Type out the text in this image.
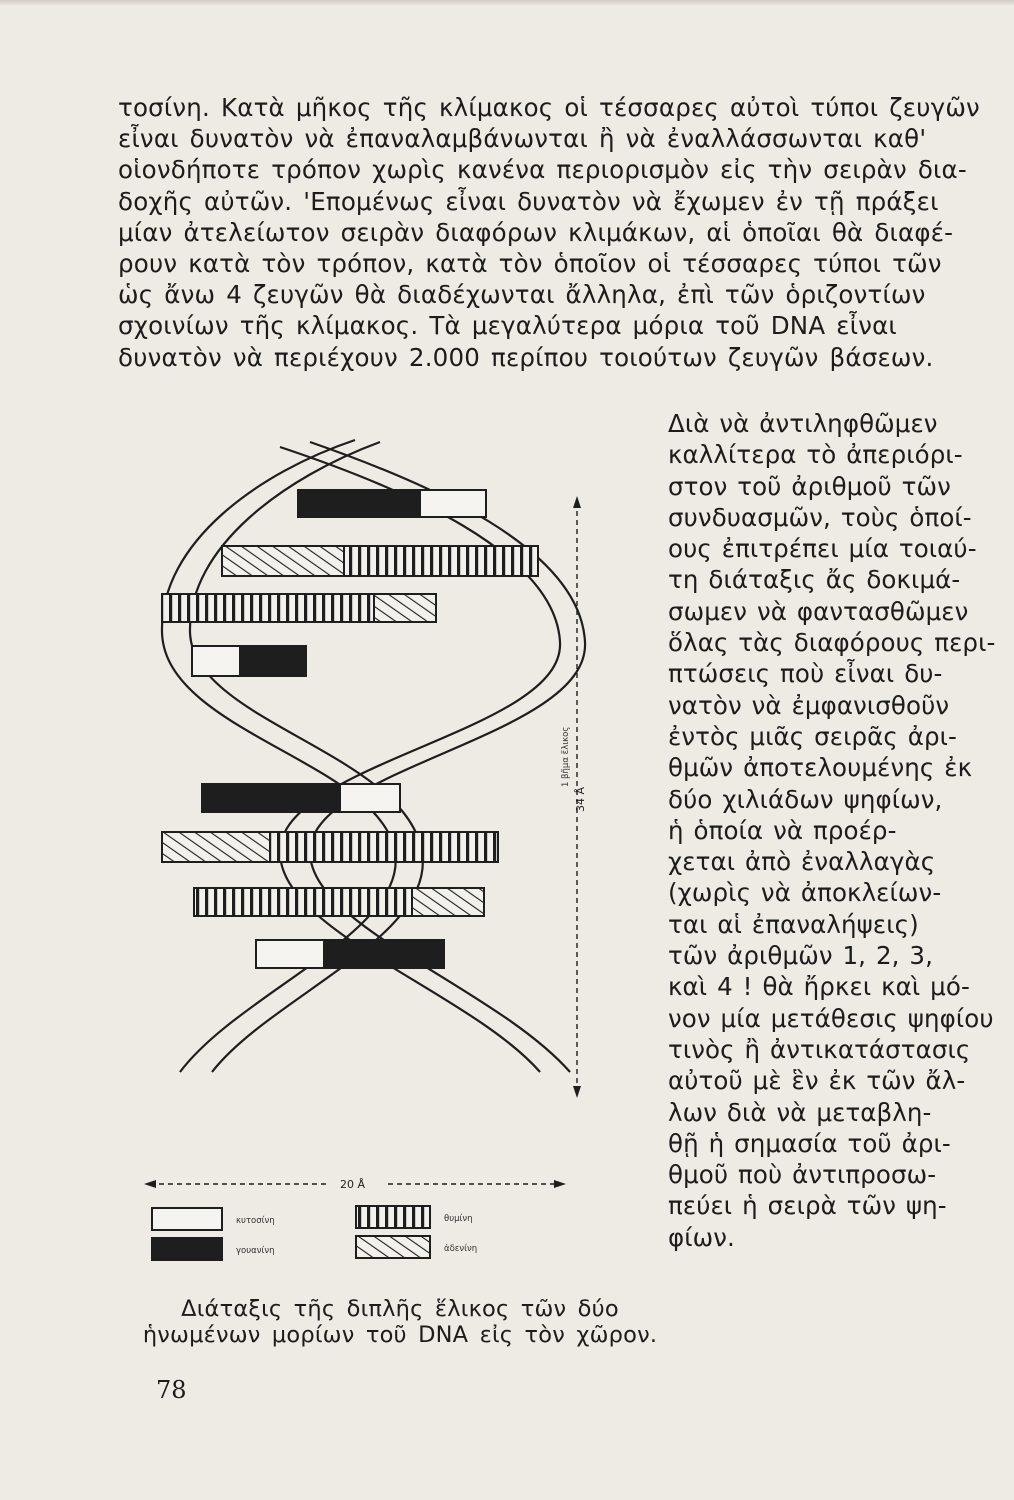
τοσίνη. Κατὰ μῆκος τῆς κλίμακος οἱ τέσσαρες αὐτοὶ τύποι ζευγῶν
εἶναι δυνατὸν νὰ ἐπαναλαμβάνωνται ἢ νὰ ἐναλλάσσωνται καθ'
οἱονδήποτε τρόπον χωρὶς κανένα περιορισμὸν εἰς τὴν σειρὰν δια-
δοχῆς αὐτῶν. 'Επομένως εἶναι δυνατὸν νὰ ἔχωμεν ἐν τῇ πράξει
μίαν ἀτελείωτον σειρὰν διαφόρων κλιμάκων, αἱ ὁποῖαι θὰ διαφέ-
ρουν κατὰ τὸν τρόπον, κατὰ τὸν ὁποῖον οἱ τέσσαρες τύποι τῶν
ὡς ἄνω 4 ζευγῶν θὰ διαδέχωνται ἄλληλα, ἐπὶ τῶν ὁριζοντίων
σχοινίων τῆς κλίμακος. Τὰ μεγαλύτερα μόρια τοῦ DNA εἶναι
δυνατὸν νὰ περιέχουν 2.000 περίπου τοιούτων ζευγῶν βάσεων.
Διὰ νὰ ἀντιληφθῶμεν
καλλίτερα τὸ ἀπεριόρι-
στον τοῦ ἀριθμοῦ τῶν
συνδυασμῶν, τοὺς ὁποί-
ους ἐπιτρέπει μία τοιαύ-
τη διάταξις ἄς δοκιμά-
σωμεν νὰ φαντασθῶμεν
ὅλας τὰς διαφόρους περι-
πτώσεις ποὺ εἶναι δυ-
νατὸν νὰ ἐμφανισθοῦν
ἐντὸς μιᾶς σειρᾶς ἀρι-
θμῶν ἀποτελουμένης ἐκ
δύο χιλιάδων ψηφίων,
ἡ ὁποία νὰ προέρ-
χεται ἀπὸ ἐναλλαγὰς
(χωρὶς νὰ ἀποκλείων-
ται αἱ ἐπαναλήψεις)
τῶν ἀριθμῶν 1, 2, 3,
καὶ 4 ! θὰ ἤρκει καὶ μό-
νον μία μετάθεσις ψηφίου
τινὸς ἢ ἀντικατάστασις
αὐτοῦ μὲ ἓν ἐκ τῶν ἄλ-
λων διὰ νὰ μεταβλη-
θῇ ἡ σημασία τοῦ ἀρι-
θμοῦ ποὺ ἀντιπροσω-
πεύει ἡ σειρὰ τῶν ψη-
φίων.
1 βῆμα ἕλικος
34 Å
20 Å
κυτοσίνη
γουανίνη
θυμίνη
ἀδενίνη
Διάταξις τῆς διπλῆς ἕλικος τῶν δύο
ἡνωμένων μορίων τοῦ DNA εἰς τὸν χῶρον.
78
